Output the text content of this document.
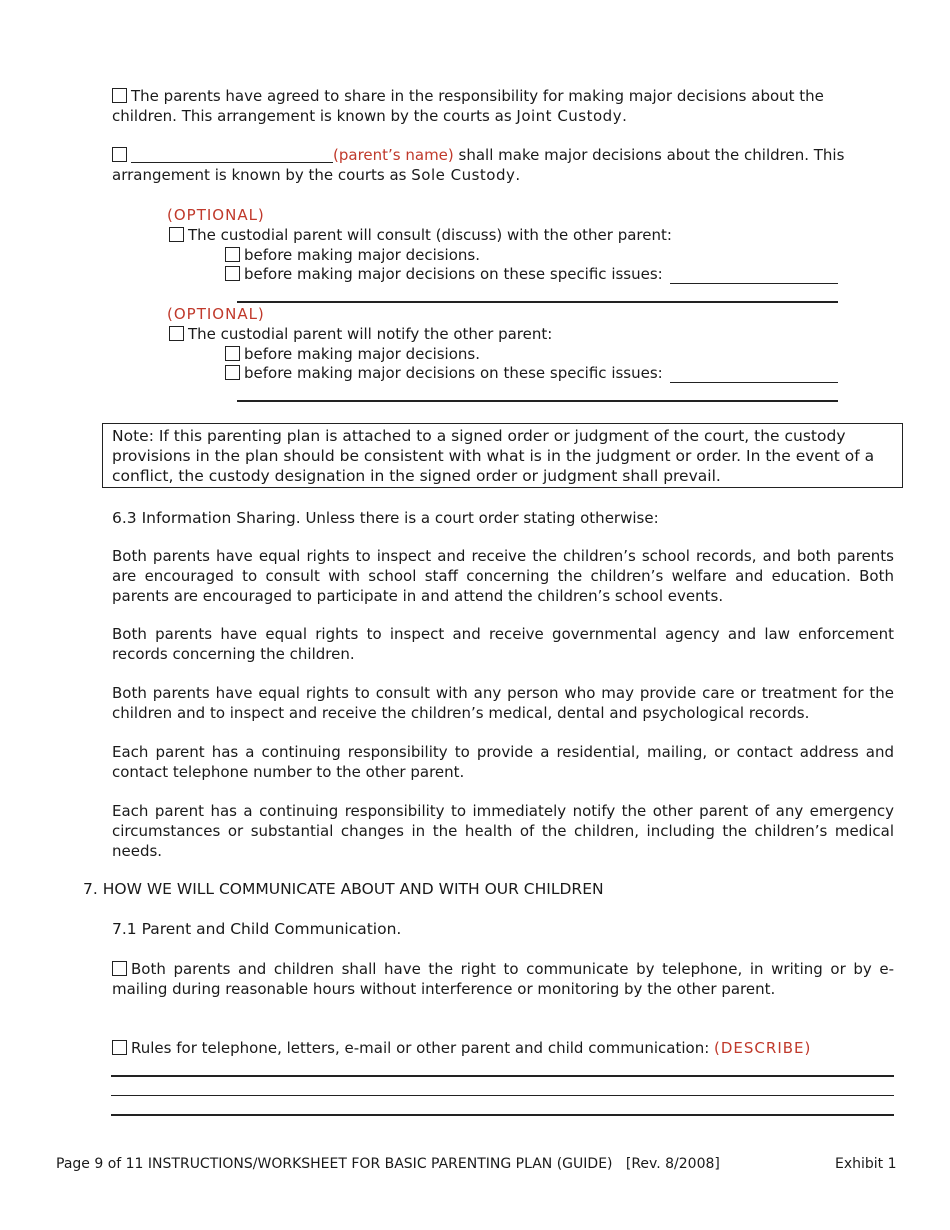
The parents have agreed to share in the responsibility for making major decisions about the
children. This arrangement is known by the courts as Joint Custody.
(parent’s name) shall make major decisions about the children. This
arrangement is known by the courts as Sole Custody.
(OPTIONAL)
The custodial parent will consult (discuss) with the other parent:
before making major decisions.
before making major decisions on these specific issues:
(OPTIONAL)
The custodial parent will notify the other parent:
before making major decisions.
before making major decisions on these specific issues:
Note: If this parenting plan is attached to a signed order or judgment of the court, the custody provisions in the plan should be consistent with what is in the judgment or order. In the event of a conflict, the custody designation in the signed order or judgment shall prevail.
6.3 Information Sharing. Unless there is a court order stating otherwise:
Both parents have equal rights to inspect and receive the children’s school records, and both parents are encouraged to consult with school staff concerning the children’s welfare and education. Both parents are encouraged to participate in and attend the children’s school events.
Both parents have equal rights to inspect and receive governmental agency and law enforcement records concerning the children.
Both parents have equal rights to consult with any person who may provide care or treatment for the children and to inspect and receive the children’s medical, dental and psychological records.
Each parent has a continuing responsibility to provide a residential, mailing, or contact address and contact telephone number to the other parent.
Each parent has a continuing responsibility to immediately notify the other parent of any emergency circumstances or substantial changes in the health of the children, including the children’s medical needs.
7. HOW WE WILL COMMUNICATE ABOUT AND WITH OUR CHILDREN
7.1 Parent and Child Communication.
Both parents and children shall have the right to communicate by telephone, in writing or by e-mailing during reasonable hours without interference or monitoring by the other parent.
Rules for telephone, letters, e-mail or other parent and child communication: (DESCRIBE)
Page 9 of 11 INSTRUCTIONS/WORKSHEET FOR BASIC PARENTING PLAN (GUIDE) [Rev. 8/2008]	Exhibit 1
